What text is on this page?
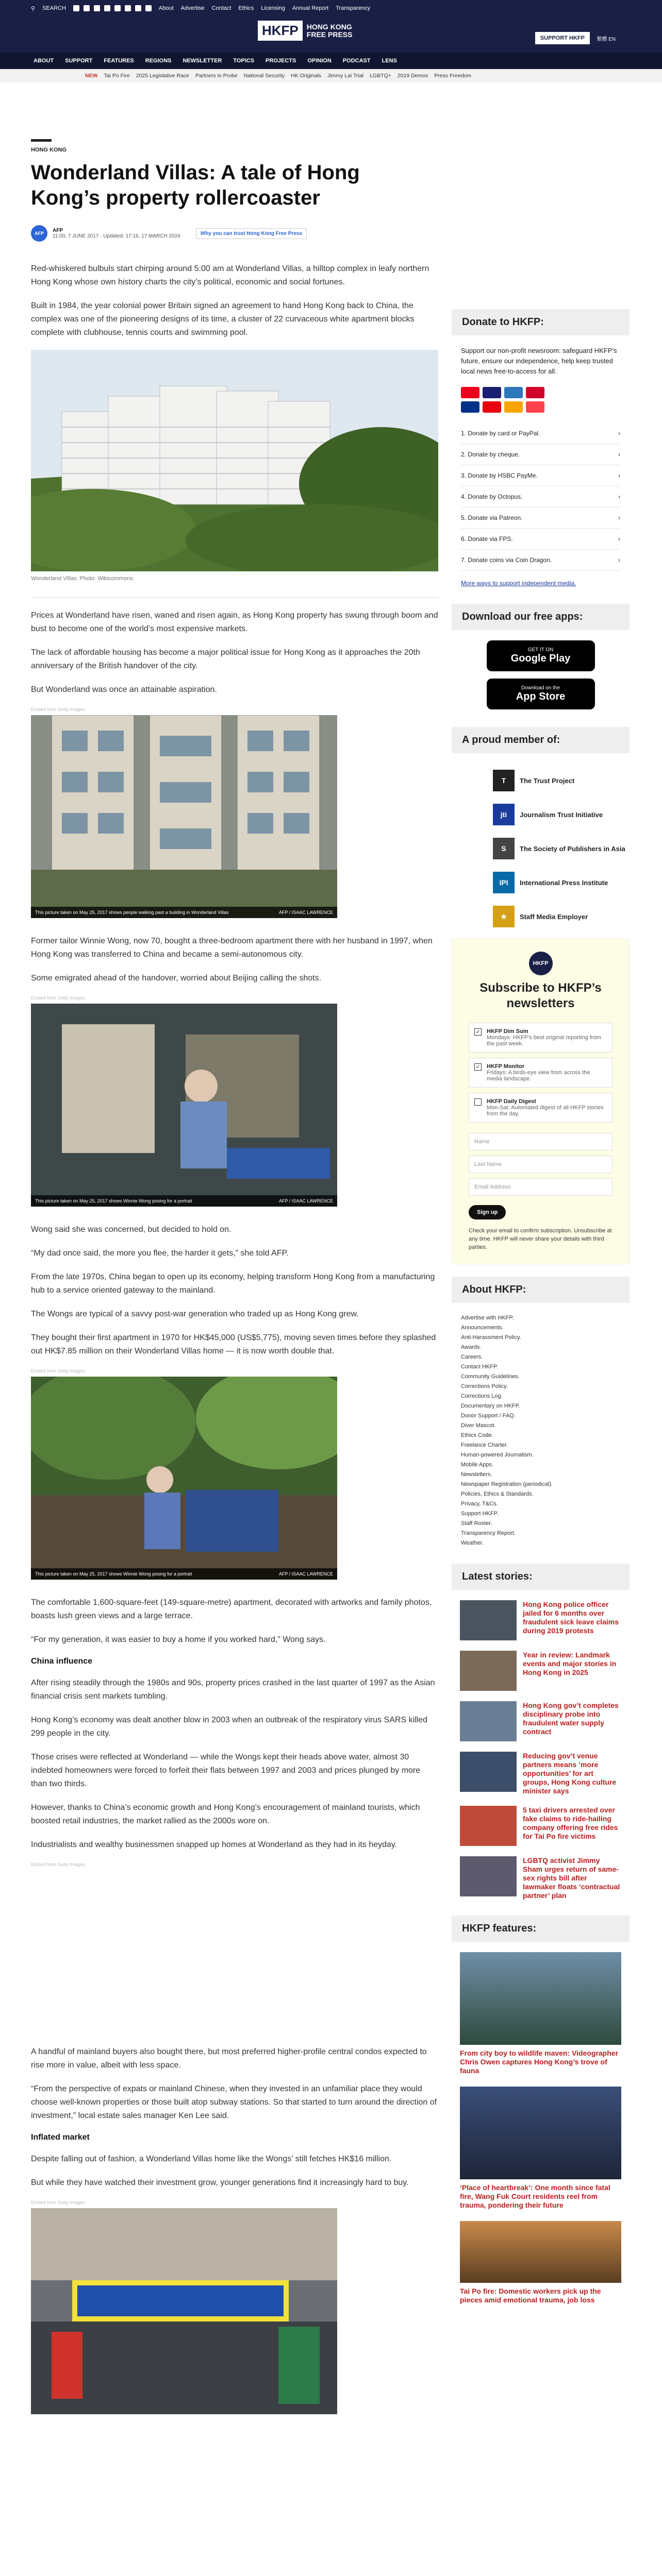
⚲ SEARCH	About Advertise Contact Ethics Licensing Annual Report Transparency
HKFP	HONG KONG FREE PRESS	SUPPORT HKFP	繁體 EN
ABOUT SUPPORT FEATURES REGIONS NEWSLETTER TOPICS PROJECTS OPINION PODCAST LENS
NEW Tai Po Fire 2025 Legislative Race Partners in Probe National Security HK Originals Jimmy Lai Trial LGBTQ+ 2019 Demos Press Freedom
HONG KONG
Wonderland Villas: A tale of Hong Kong’s property rollercoaster
AFP	AFP
11:00, 7 JUNE 2017 · Updated: 17:16, 17 MARCH 2024	Why you can trust Hong Kong Free Press

Red-whiskered bulbuls start chirping around 5:00 am at Wonderland Villas, a hilltop complex in leafy northern Hong Kong whose own history charts the city’s political, economic and social fortunes.

Built in 1984, the year colonial power Britain signed an agreement to hand Hong Kong back to China, the complex was one of the pioneering designs of its time, a cluster of 22 curvaceous white apartment blocks complete with clubhouse, tennis courts and swimming pool.

Wonderland Villas. Photo: Wikicommons.

Prices at Wonderland have risen, waned and risen again, as Hong Kong property has swung through boom and bust to become one of the world’s most expensive markets.

The lack of affordable housing has become a major political issue for Hong Kong as it approaches the 20th anniversary of the British handover of the city.

But Wonderland was once an attainable aspiration.

Embed from Getty Images
This picture taken on May 25, 2017 shows people walking past a building in Wonderland Villas	AFP / ISAAC LAWRENCE

Former tailor Winnie Wong, now 70, bought a three-bedroom apartment there with her husband in 1997, when Hong Kong was transferred to China and became a semi-autonomous city.

Some emigrated ahead of the handover, worried about Beijing calling the shots.

Embed from Getty Images
This picture taken on May 25, 2017 shows Winnie Wong posing for a portrait	AFP / ISAAC LAWRENCE

Wong said she was concerned, but decided to hold on.

“My dad once said, the more you flee, the harder it gets,” she told AFP.

From the late 1970s, China began to open up its economy, helping transform Hong Kong from a manufacturing hub to a service oriented gateway to the mainland.

The Wongs are typical of a savvy post-war generation who traded up as Hong Kong grew.

They bought their first apartment in 1970 for HK$45,000 (US$5,775), moving seven times before they splashed out HK$7.85 million on their Wonderland Villas home — it is now worth double that.

Embed from Getty Images
This picture taken on May 25, 2017 shows Winnie Wong posing for a portrait	AFP / ISAAC LAWRENCE

The comfortable 1,600-square-feet (149-square-metre) apartment, decorated with artworks and family photos, boasts lush green views and a large terrace.

“For my generation, it was easier to buy a home if you worked hard,” Wong says.

China influence

After rising steadily through the 1980s and 90s, property prices crashed in the last quarter of 1997 as the Asian financial crisis sent markets tumbling.

Hong Kong’s economy was dealt another blow in 2003 when an outbreak of the respiratory virus SARS killed 299 people in the city.

Those crises were reflected at Wonderland — while the Wongs kept their heads above water, almost 30 indebted homeowners were forced to forfeit their flats between 1997 and 2003 and prices plunged by more than two thirds.

However, thanks to China’s economic growth and Hong Kong’s encouragement of mainland tourists, which boosted retail industries, the market rallied as the 2000s wore on.

Industrialists and wealthy businessmen snapped up homes at Wonderland as they had in its heyday.

Embed from Getty Images

A handful of mainland buyers also bought there, but most preferred higher-profile central condos expected to rise more in value, albeit with less space.

“From the perspective of expats or mainland Chinese, when they invested in an unfamiliar place they would choose well-known properties or those built atop subway stations. So that started to turn around the direction of investment,” local estate sales manager Ken Lee said.

Inflated market

Despite falling out of fashion, a Wonderland Villas home like the Wongs’ still fetches HK$16 million.

But while they have watched their investment grow, younger generations find it increasingly hard to buy.

Embed from Getty Images
Donate to HKFP:
Support our non-profit newsroom: safeguard HKFP’s future, ensure our independence, help keep trusted local news free-to-access for all.
1. Donate by card or PayPal.	›
2. Donate by cheque.	›
3. Donate by HSBC PayMe.	›
4. Donate by Octopus.	›
5. Donate via Patreon.	›
6. Donate via FPS.	›
7. Donate coins via Coin Dragon.	›
More ways to support independent media.
Download our free apps:
GET IT ON
Google Play
Download on the
App Store
A proud member of:
T	The Trust Project
jti	Journalism Trust Initiative
S	The Society of Publishers in Asia
IPI	International Press Institute
★	Staff Media Employer
HKFP
Subscribe to HKFP’s newsletters
✓ HKFP Dim Sum
Mondays: HKFP’s best original reporting from the past week.
✓ HKFP Monitor
Fridays: A birds-eye view from across the media landscape.
HKFP Daily Digest
Mon-Sat: Automated digest of all HKFP stories from the day.
Name
Last Name
Email Address
Sign up
Check your email to confirm subscription. Unsubscribe at any time. HKFP will never share your details with third parties.
About HKFP:
Advertise with HKFP.
Announcements.
Anti-Harassment Policy.
Awards.
Careers.
Contact HKFP.
Community Guidelines.
Corrections Policy.
Corrections Log.
Documentary on HKFP.
Donor Support / FAQ.
Diver Mascot.
Ethics Code.
Freelance Charter.
Human-powered Journalism.
Mobile Apps.
Newsletters.
Newspaper Registration (periodical).
Policies, Ethics & Standards.
Privacy, T&Cs.
Support HKFP.
Staff Roster.
Transparency Report.
Weather.
Latest stories:
Hong Kong police officer jailed for 6 months over fraudulent sick leave claims during 2019 protests
Year in review: Landmark events and major stories in Hong Kong in 2025
Hong Kong gov’t completes disciplinary probe into fraudulent water supply contract
Reducing gov’t venue partners means ‘more opportunities’ for art groups, Hong Kong culture minister says
5 taxi drivers arrested over fake claims to ride-hailing company offering free rides for Tai Po fire victims
LGBTQ activist Jimmy Sham urges return of same-sex rights bill after lawmaker floats ‘contractual partner’ plan
HKFP features:
From city boy to wildlife maven: Videographer Chris Owen captures Hong Kong’s trove of fauna
‘Place of heartbreak’: One month since fatal fire, Wang Fuk Court residents reel from trauma, pondering their future
Tai Po fire: Domestic workers pick up the pieces amid emotional trauma, job loss
